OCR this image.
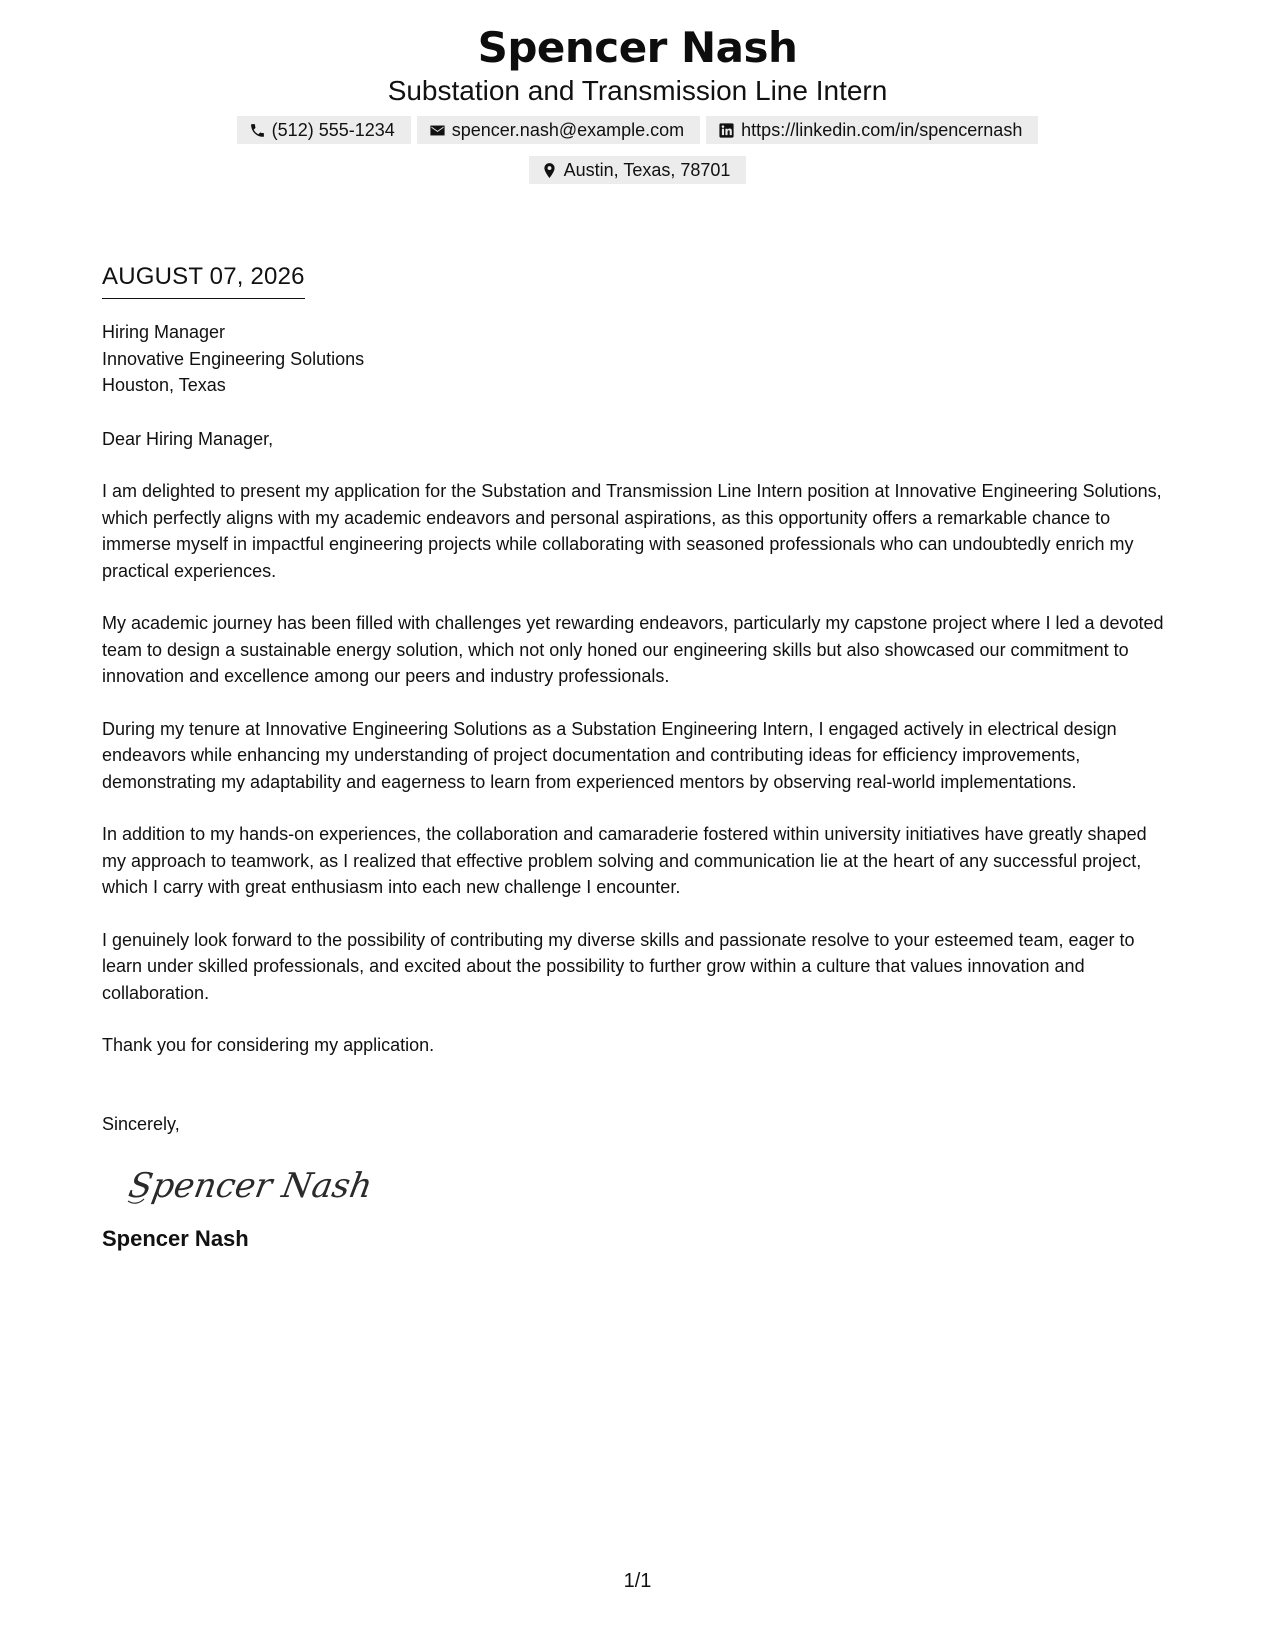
Spencer Nash
Substation and Transmission Line Intern
(512) 555-1234	spencer.nash@example.com	https://linkedin.com/in/spencernash
Austin, Texas, 78701
AUGUST 07, 2026
Hiring Manager
Innovative Engineering Solutions
Houston, Texas
Dear Hiring Manager,
I am delighted to present my application for the Substation and Transmission Line Intern position at Innovative Engineering Solutions, which perfectly aligns with my academic endeavors and personal aspirations, as this opportunity offers a remarkable chance to immerse myself in impactful engineering projects while collaborating with seasoned professionals who can undoubtedly enrich my practical experiences.
My academic journey has been filled with challenges yet rewarding endeavors, particularly my capstone project where I led a devoted team to design a sustainable energy solution, which not only honed our engineering skills but also showcased our commitment to innovation and excellence among our peers and industry professionals.
During my tenure at Innovative Engineering Solutions as a Substation Engineering Intern, I engaged actively in electrical design endeavors while enhancing my understanding of project documentation and contributing ideas for efficiency improvements, demonstrating my adaptability and eagerness to learn from experienced mentors by observing real-world implementations.
In addition to my hands-on experiences, the collaboration and camaraderie fostered within university initiatives have greatly shaped my approach to teamwork, as I realized that effective problem solving and communication lie at the heart of any successful project, which I carry with great enthusiasm into each new challenge I encounter.
I genuinely look forward to the possibility of contributing my diverse skills and passionate resolve to your esteemed team, eager to learn under skilled professionals, and excited about the possibility to further grow within a culture that values innovation and collaboration.
Thank you for considering my application.
Sincerely,
Spencer Nash
Spencer Nash
1/1
